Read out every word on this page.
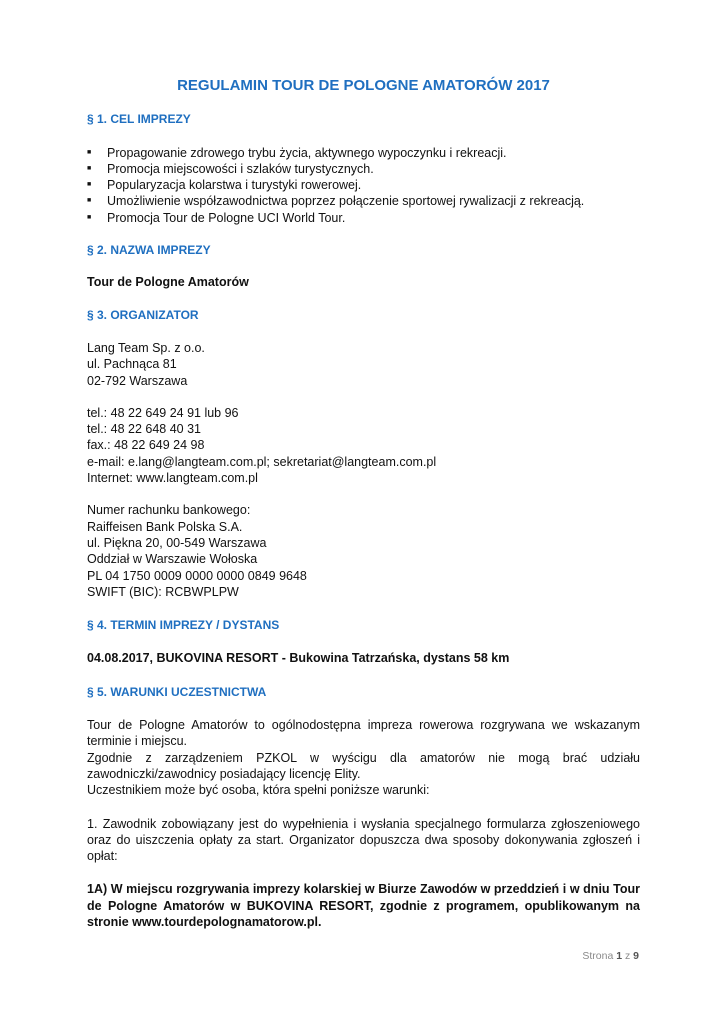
REGULAMIN TOUR DE POLOGNE AMATORÓW 2017

§ 1. CEL IMPREZY

■ Propagowanie zdrowego trybu życia, aktywnego wypoczynku i rekreacji.
■ Promocja miejscowości i szlaków turystycznych.
■ Popularyzacja kolarstwa i turystyki rowerowej.
■ Umożliwienie współzawodnictwa poprzez połączenie sportowej rywalizacji z rekreacją.
■ Promocja Tour de Pologne UCI World Tour.

§ 2. NAZWA IMPREZY

Tour de Pologne Amatorów

§ 3. ORGANIZATOR

Lang Team Sp. z o.o.

ul. Pachnąca 81

02-792 Warszawa

tel.: 48 22 649 24 91 lub 96

tel.: 48 22 648 40 31

fax.: 48 22 649 24 98

e-mail: e.lang@langteam.com.pl; sekretariat@langteam.com.pl

Internet: www.langteam.com.pl

Numer rachunku bankowego:

Raiffeisen Bank Polska S.A.

ul. Piękna 20, 00-549 Warszawa

Oddział w Warszawie Wołoska

PL 04 1750 0009 0000 0000 0849 9648

SWIFT (BIC): RCBWPLPW

§ 4. TERMIN IMPREZY / DYSTANS

04.08.2017, BUKOVINA RESORT - Bukowina Tatrzańska, dystans 58 km

§ 5. WARUNKI UCZESTNICTWA

Tour de Pologne Amatorów to ogólnodostępna impreza rowerowa rozgrywana we wskazanym terminie i miejscu.

Zgodnie z zarządzeniem PZKOL w wyścigu dla amatorów nie mogą brać udziału zawodniczki/zawodnicy posiadający licencję Elity.

Uczestnikiem może być osoba, która spełni poniższe warunki:

1. Zawodnik zobowiązany jest do wypełnienia i wysłania specjalnego formularza zgłoszeniowego oraz do uiszczenia opłaty za start. Organizator dopuszcza dwa sposoby dokonywania zgłoszeń i opłat:

1A) W miejscu rozgrywania imprezy kolarskiej w Biurze Zawodów w przeddzień i w dniu Tour de Pologne Amatorów w BUKOVINA RESORT, zgodnie z programem, opublikowanym na stronie www.tourdepolognamatorow.pl.

Strona 1 z 9
